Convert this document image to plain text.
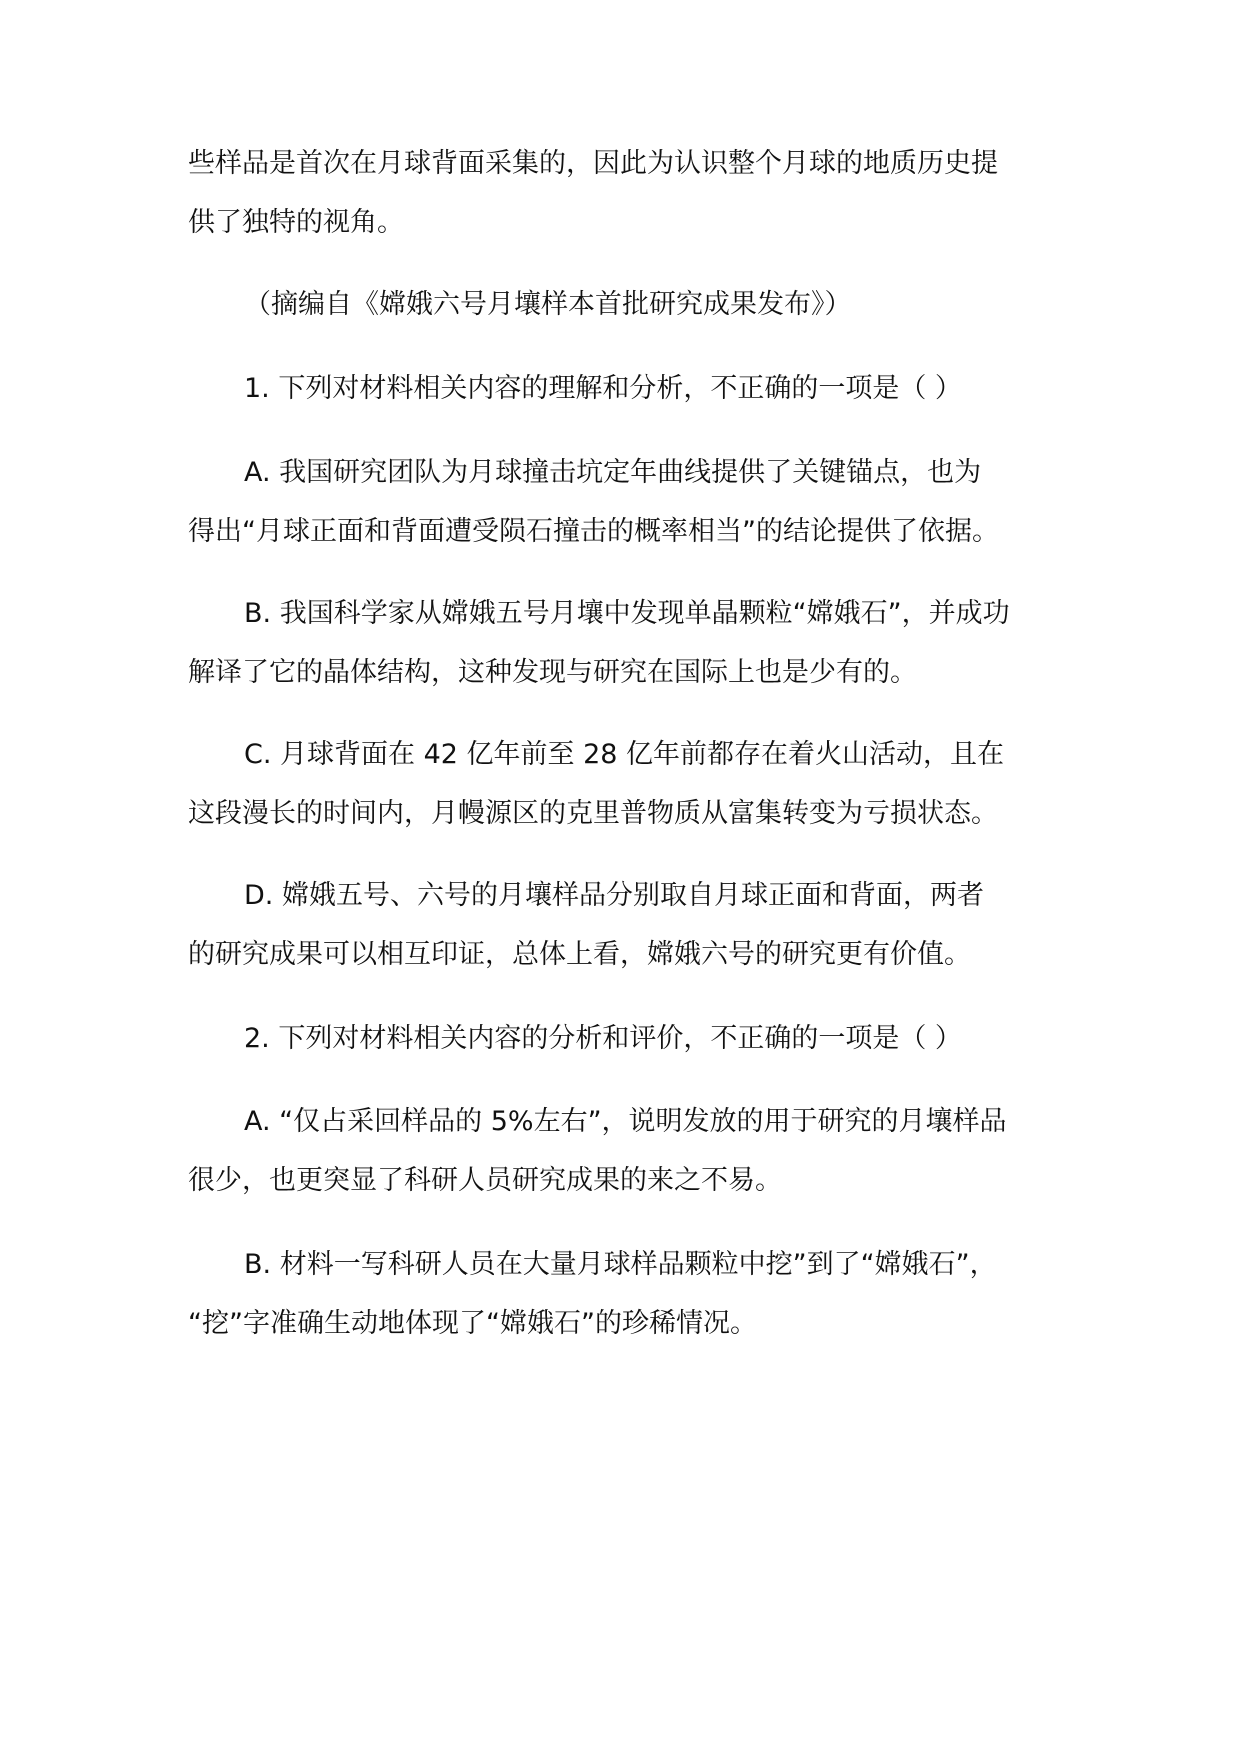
些样品是首次在月球背面采集的，因此为认识整个月球的地质历史提
供了独特的视角。
（摘编自《嫦娥六号月壤样本首批研究成果发布》）
1. 下列对材料相关内容的理解和分析，不正确的一项是（ ）
A. 我国研究团队为月球撞击坑定年曲线提供了关键锚点，也为
得出“月球正面和背面遭受陨石撞击的概率相当”的结论提供了依据。
B. 我国科学家从嫦娥五号月壤中发现单晶颗粒“嫦娥石”，并成功
解译了它的晶体结构，这种发现与研究在国际上也是少有的。
C. 月球背面在 42 亿年前至 28 亿年前都存在着火山活动，且在
这段漫长的时间内，月幔源区的克里普物质从富集转变为亏损状态。
D. 嫦娥五号、六号的月壤样品分别取自月球正面和背面，两者
的研究成果可以相互印证，总体上看，嫦娥六号的研究更有价值。
2. 下列对材料相关内容的分析和评价，不正确的一项是（ ）
A. “仅占采回样品的 5%左右”，说明发放的用于研究的月壤样品
很少，也更突显了科研人员研究成果的来之不易。
B. 材料一写科研人员在大量月球样品颗粒中挖”到了“嫦娥石”，
“挖”字准确生动地体现了“嫦娥石”的珍稀情况。
